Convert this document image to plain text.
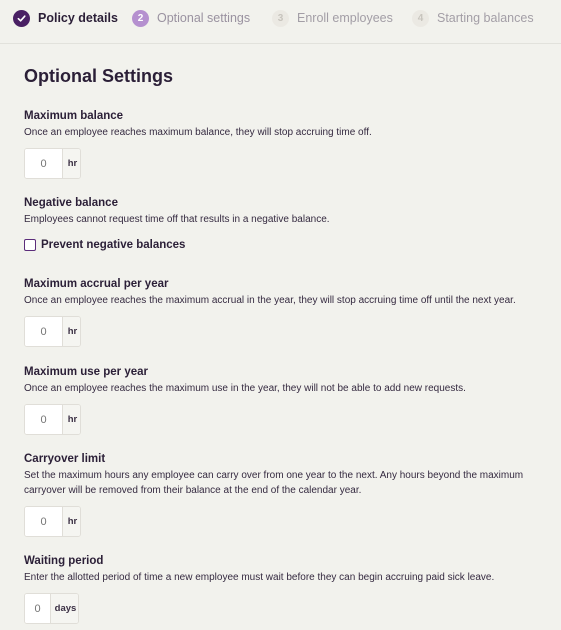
Policy details	2	Optional settings	3	Enroll employees	4	Starting balances
Optional Settings
Maximum balance
Once an employee reaches maximum balance, they will stop accruing time off.
0
hr
Negative balance
Employees cannot request time off that results in a negative balance.
Prevent negative balances
Maximum accrual per year
Once an employee reaches the maximum accrual in the year, they will stop accruing time off until the next year.
0
hr
Maximum use per year
Once an employee reaches the maximum use in the year, they will not be able to add new requests.
0
hr
Carryover limit
Set the maximum hours any employee can carry over from one year to the next. Any hours beyond the maximum carryover will be removed from their balance at the end of the calendar year.
0
hr
Waiting period
Enter the allotted period of time a new employee must wait before they can begin accruing paid sick leave.
0
days
